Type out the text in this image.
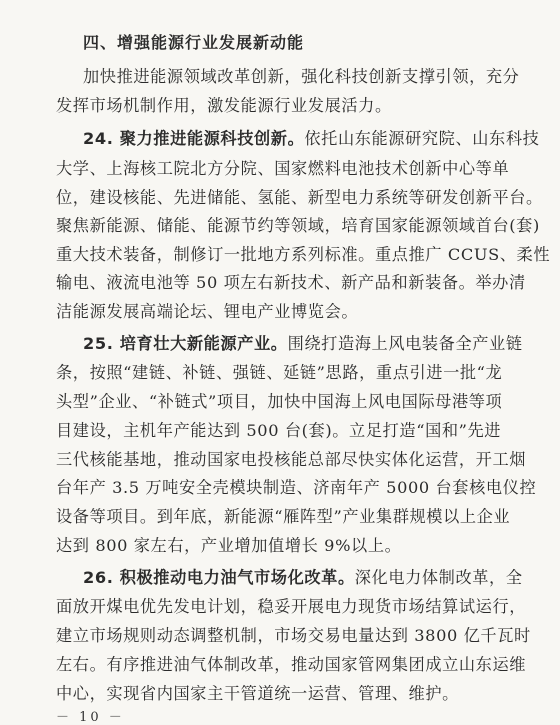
四、增强能源行业发展新动能
加快推进能源领域改革创新，强化科技创新支撑引领，充分
发挥市场机制作用，激发能源行业发展活力。
24. 聚力推进能源科技创新。依托山东能源研究院、山东科技
大学、上海核工院北方分院、国家燃料电池技术创新中心等单
位，建设核能、先进储能、氢能、新型电力系统等研发创新平台。
聚焦新能源、储能、能源节约等领域，培育国家能源领域首台(套)
重大技术装备，制修订一批地方系列标准。重点推广 CCUS、柔性
输电、液流电池等 50 项左右新技术、新产品和新装备。举办清
洁能源发展高端论坛、锂电产业博览会。
25. 培育壮大新能源产业。围绕打造海上风电装备全产业链
条，按照“建链、补链、强链、延链”思路，重点引进一批“龙
头型”企业、“补链式”项目，加快中国海上风电国际母港等项
目建设，主机年产能达到 500 台(套)。立足打造“国和”先进
三代核能基地，推动国家电投核能总部尽快实体化运营，开工烟
台年产 3.5 万吨安全壳模块制造、济南年产 5000 台套核电仪控
设备等项目。到年底，新能源“雁阵型”产业集群规模以上企业
达到 800 家左右，产业增加值增长 9%以上。
26. 积极推动电力油气市场化改革。深化电力体制改革，全
面放开煤电优先发电计划，稳妥开展电力现货市场结算试运行，
建立市场规则动态调整机制，市场交易电量达到 3800 亿千瓦时
左右。有序推进油气体制改革，推动国家管网集团成立山东运维
中心，实现省内国家主干管道统一运营、管理、维护。
－ 10 －
